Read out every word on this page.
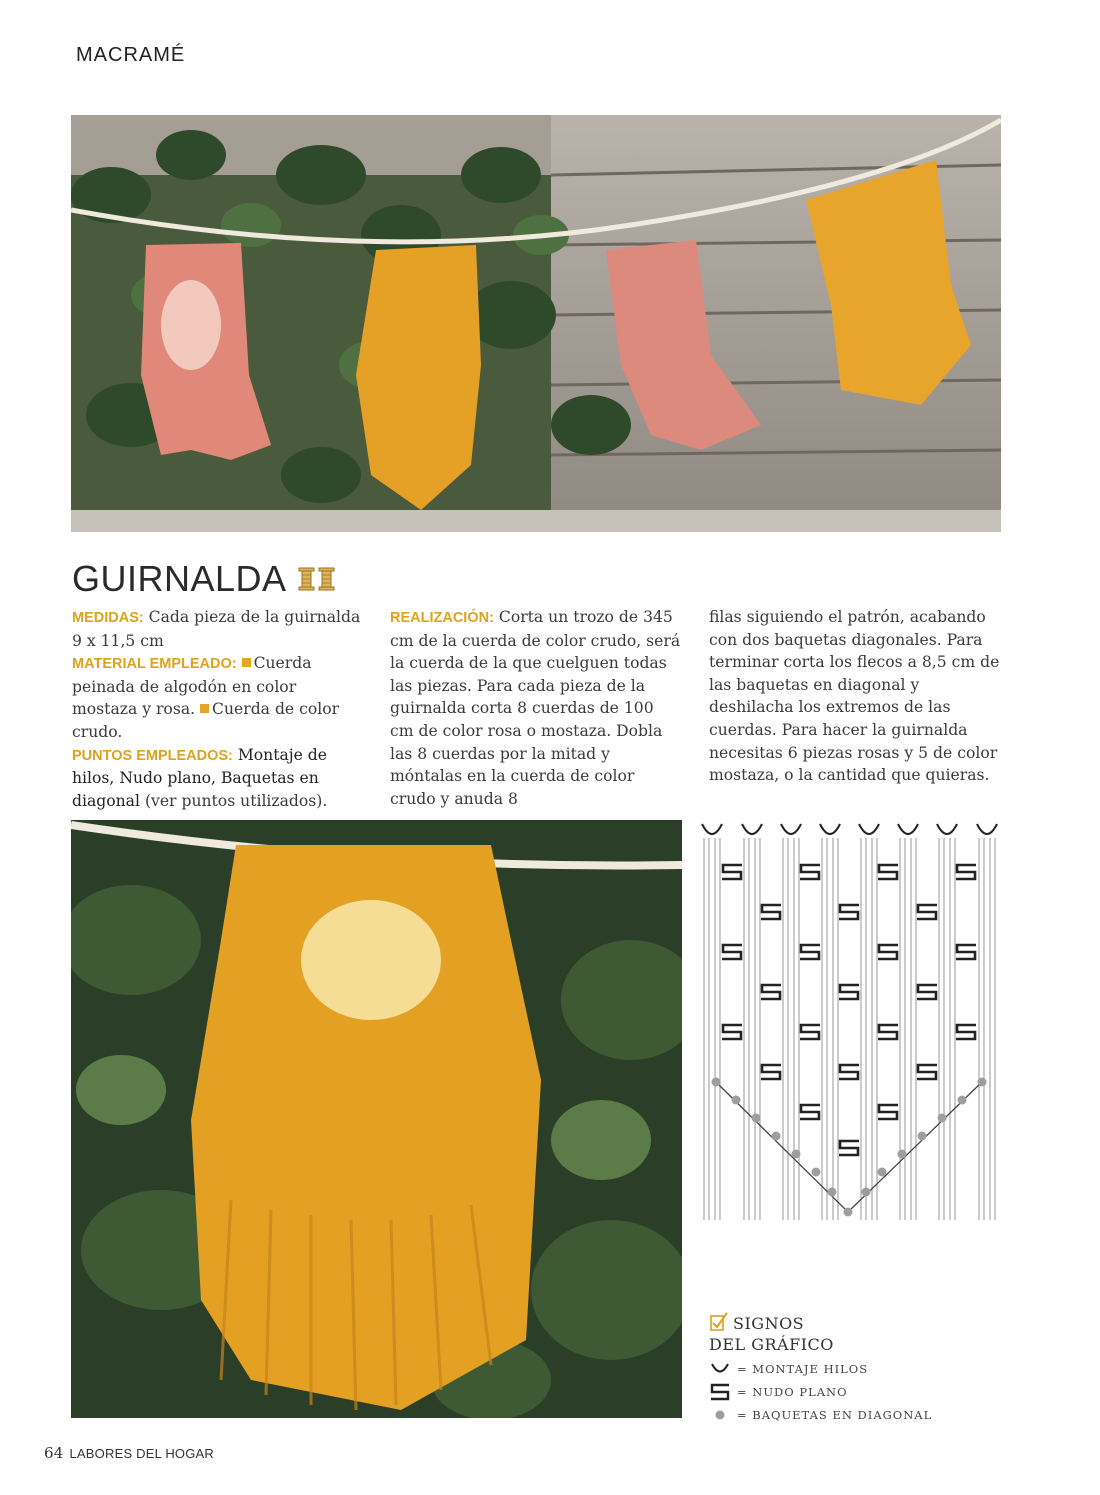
MACRAMÉ
GUIRNALDA
MEDIDAS: Cada pieza de la guirnalda 9 x 11,5 cm
MATERIAL EMPLEADO: Cuerda peinada de algodón en color mostaza y rosa. Cuerda de color crudo.
PUNTOS EMPLEADOS: Montaje de hilos, Nudo plano, Baquetas en diagonal (ver puntos utilizados).
REALIZACIÓN: Corta un trozo de 345 cm de la cuerda de color crudo, será la cuerda de la que cuelguen todas las piezas. Para cada pieza de la guirnalda corta 8 cuerdas de 100 cm de color rosa o mostaza. Dobla las 8 cuerdas por la mitad y móntalas en la cuerda de color crudo y anuda 8
filas siguiendo el patrón, acabando con dos baquetas diagonales. Para terminar corta los flecos a 8,5 cm de las baquetas en diagonal y deshilacha los extremos de las cuerdas. Para hacer la guirnalda necesitas 6 piezas rosas y 5 de color mostaza, o la cantidad que quieras.
SIGNOS
DEL GRÁFICO
= MONTAJE HILOS
= NUDO PLANO
= BAQUETAS EN DIAGONAL
64 LABORES DEL HOGAR
